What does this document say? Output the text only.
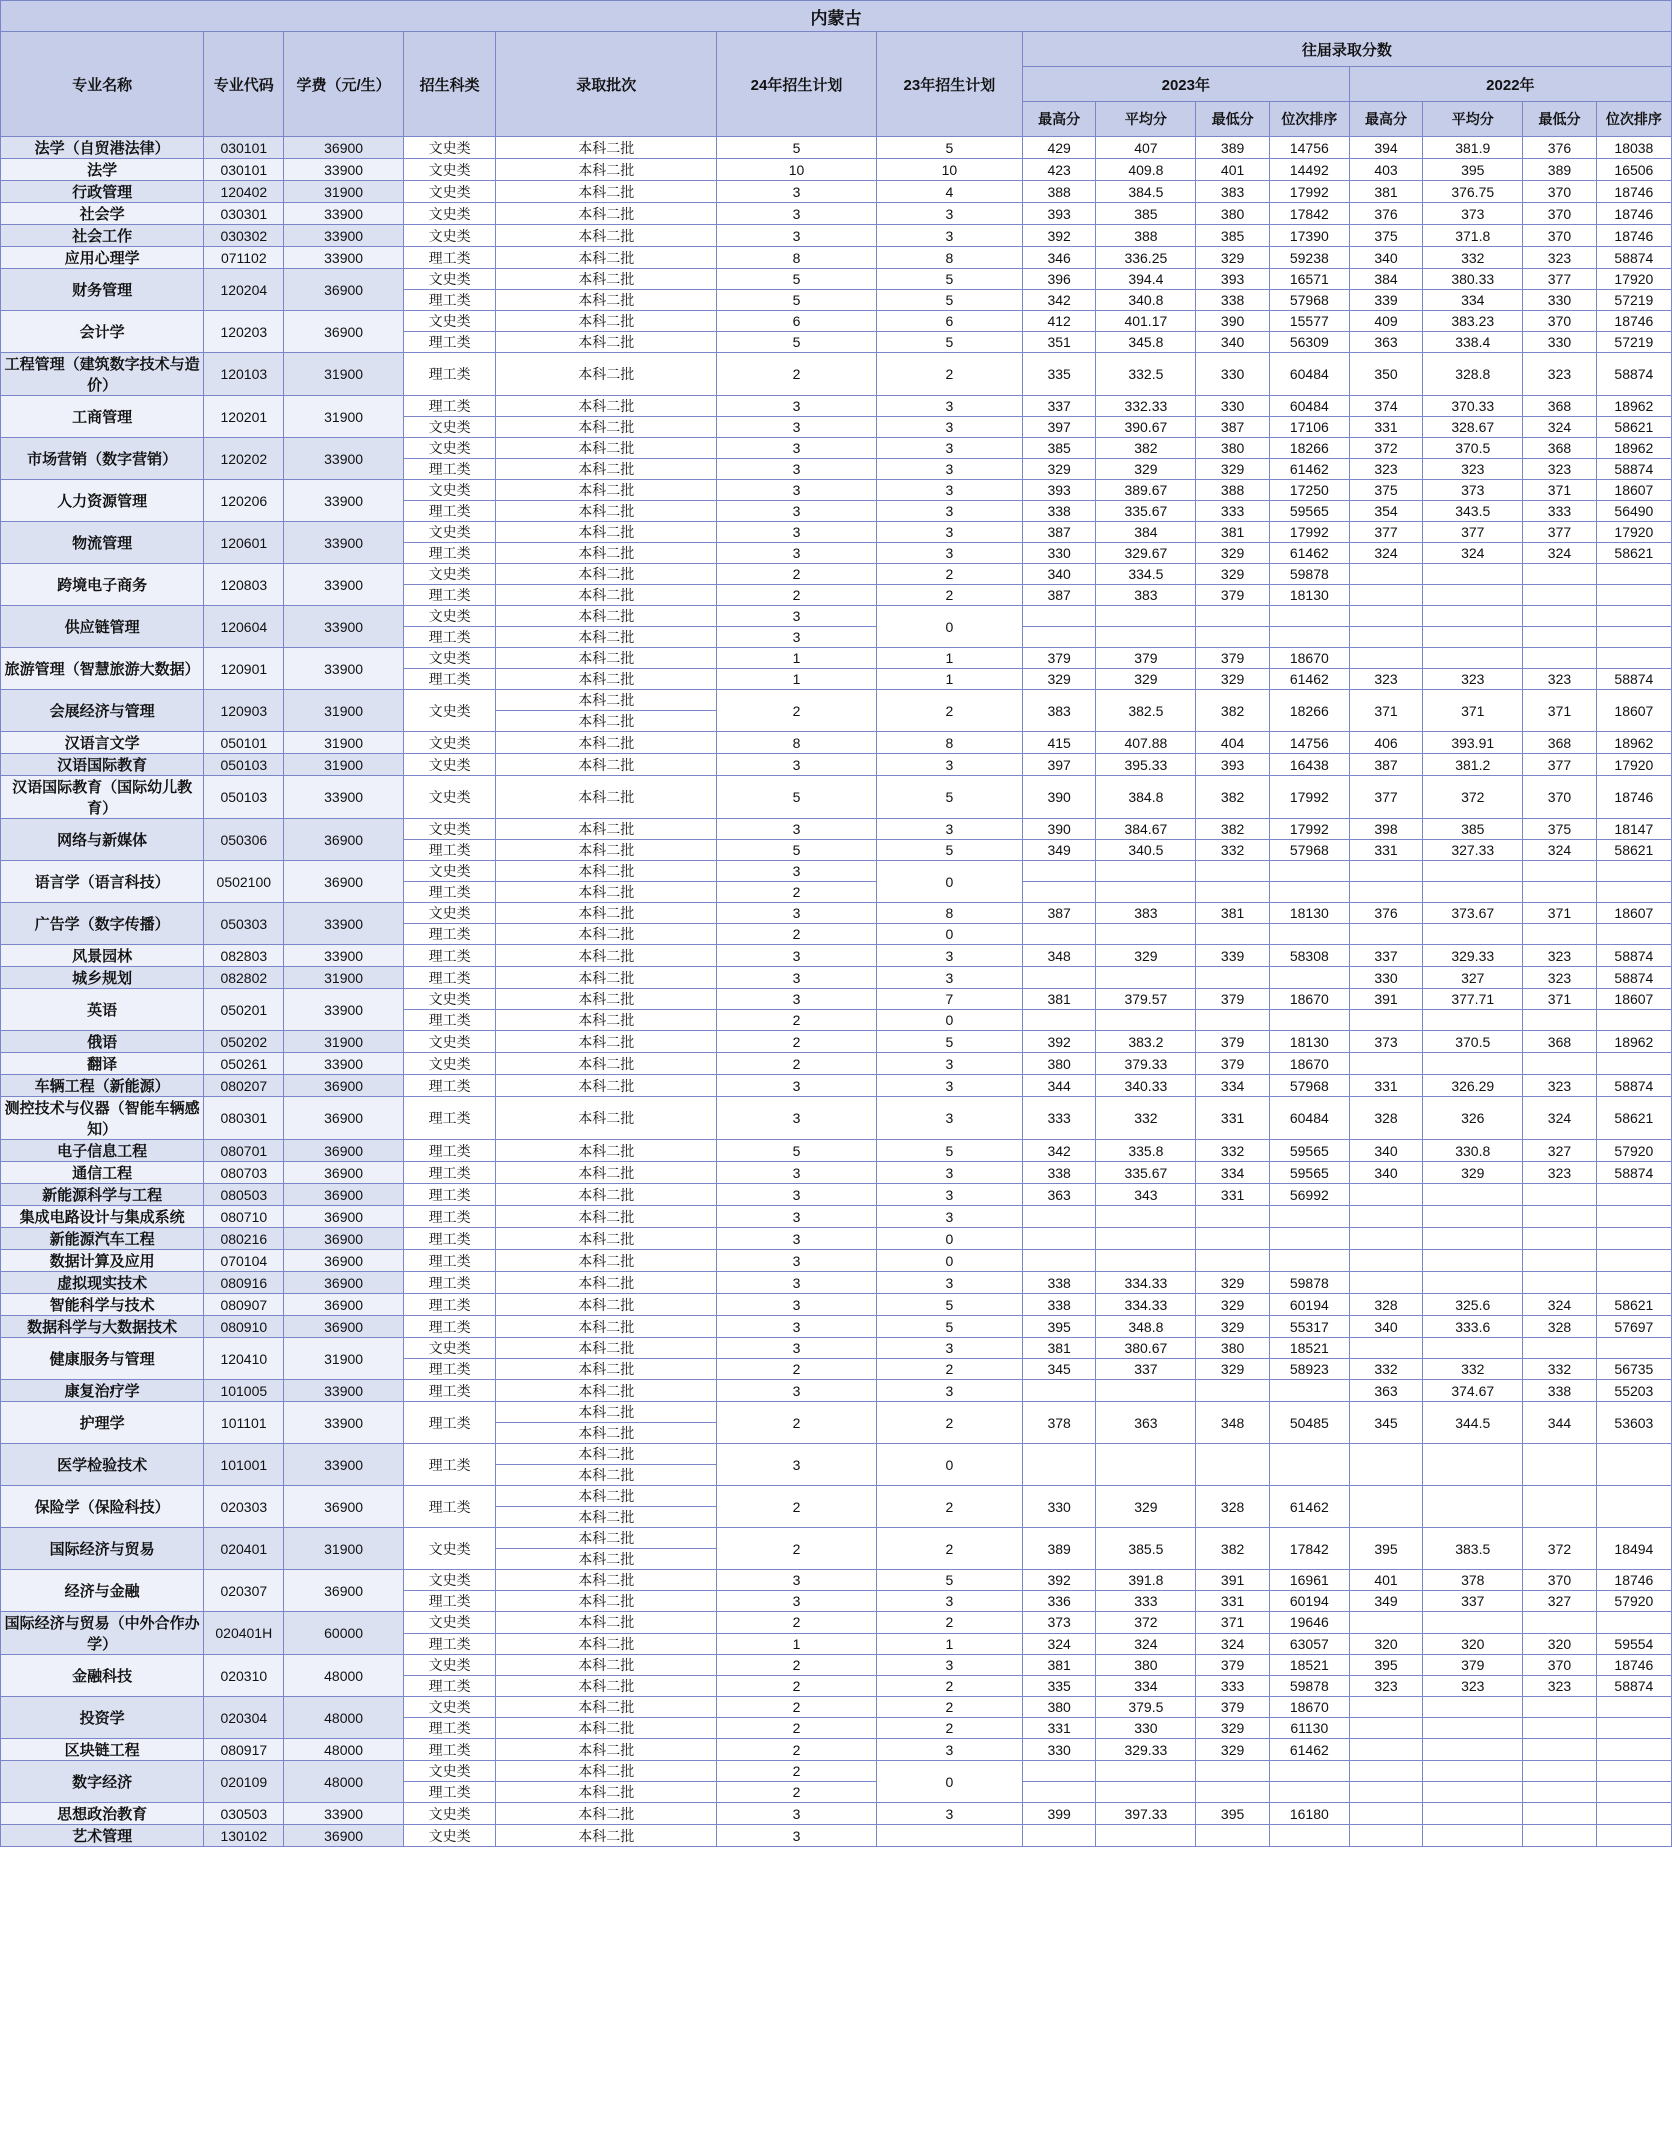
内蒙古														
专业名称	专业代码	学费（元/生）	招生科类	录取批次	24年招生计划	23年招生计划	往届录取分数							
							2023年				2022年			
							最高分	平均分	最低分	位次排序	最高分	平均分	最低分	位次排序
法学（自贸港法律）	030101	36900	文史类	本科二批	5	5	429	407	389	14756	394	381.9	376	18038
法学	030101	33900	文史类	本科二批	10	10	423	409.8	401	14492	403	395	389	16506
行政管理	120402	31900	文史类	本科二批	3	4	388	384.5	383	17992	381	376.75	370	18746
社会学	030301	33900	文史类	本科二批	3	3	393	385	380	17842	376	373	370	18746
社会工作	030302	33900	文史类	本科二批	3	3	392	388	385	17390	375	371.8	370	18746
应用心理学	071102	33900	理工类	本科二批	8	8	346	336.25	329	59238	340	332	323	58874
财务管理	120204	36900	文史类	本科二批	5	5	396	394.4	393	16571	384	380.33	377	17920
			理工类	本科二批	5	5	342	340.8	338	57968	339	334	330	57219
会计学	120203	36900	文史类	本科二批	6	6	412	401.17	390	15577	409	383.23	370	18746
			理工类	本科二批	5	5	351	345.8	340	56309	363	338.4	330	57219
工程管理（建筑数字技术与造价）	120103	31900	理工类	本科二批	2	2	335	332.5	330	60484	350	328.8	323	58874
工商管理	120201	31900	理工类	本科二批	3	3	337	332.33	330	60484	374	370.33	368	18962
			文史类	本科二批	3	3	397	390.67	387	17106	331	328.67	324	58621
市场营销（数字营销）	120202	33900	文史类	本科二批	3	3	385	382	380	18266	372	370.5	368	18962
			理工类	本科二批	3	3	329	329	329	61462	323	323	323	58874
人力资源管理	120206	33900	文史类	本科二批	3	3	393	389.67	388	17250	375	373	371	18607
			理工类	本科二批	3	3	338	335.67	333	59565	354	343.5	333	56490
物流管理	120601	33900	文史类	本科二批	3	3	387	384	381	17992	377	377	377	17920
			理工类	本科二批	3	3	330	329.67	329	61462	324	324	324	58621
跨境电子商务	120803	33900	文史类	本科二批	2	2	340	334.5	329	59878				
			理工类	本科二批	2	2	387	383	379	18130				
供应链管理	120604	33900	文史类	本科二批	3	0								
			理工类	本科二批	3									
旅游管理（智慧旅游大数据）	120901	33900	文史类	本科二批	1	1	379	379	379	18670				
			理工类	本科二批	1	1	329	329	329	61462	323	323	323	58874
会展经济与管理	120903	31900	文史类	本科二批	2	2	383	382.5	382	18266	371	371	371	18607
				本科二批										
汉语言文学	050101	31900	文史类	本科二批	8	8	415	407.88	404	14756	406	393.91	368	18962
汉语国际教育	050103	31900	文史类	本科二批	3	3	397	395.33	393	16438	387	381.2	377	17920
汉语国际教育（国际幼儿教育）	050103	33900	文史类	本科二批	5	5	390	384.8	382	17992	377	372	370	18746
网络与新媒体	050306	36900	文史类	本科二批	3	3	390	384.67	382	17992	398	385	375	18147
			理工类	本科二批	5	5	349	340.5	332	57968	331	327.33	324	58621
语言学（语言科技）	0502100	36900	文史类	本科二批	3	0								
			理工类	本科二批	2									
广告学（数字传播）	050303	33900	文史类	本科二批	3	8	387	383	381	18130	376	373.67	371	18607
			理工类	本科二批	2	0								
风景园林	082803	33900	理工类	本科二批	3	3	348	329	339	58308	337	329.33	323	58874
城乡规划	082802	31900	理工类	本科二批	3	3					330	327	323	58874
英语	050201	33900	文史类	本科二批	3	7	381	379.57	379	18670	391	377.71	371	18607
			理工类	本科二批	2	0								
俄语	050202	31900	文史类	本科二批	2	5	392	383.2	379	18130	373	370.5	368	18962
翻译	050261	33900	文史类	本科二批	2	3	380	379.33	379	18670				
车辆工程（新能源）	080207	36900	理工类	本科二批	3	3	344	340.33	334	57968	331	326.29	323	58874
测控技术与仪器（智能车辆感知）	080301	36900	理工类	本科二批	3	3	333	332	331	60484	328	326	324	58621
电子信息工程	080701	36900	理工类	本科二批	5	5	342	335.8	332	59565	340	330.8	327	57920
通信工程	080703	36900	理工类	本科二批	3	3	338	335.67	334	59565	340	329	323	58874
新能源科学与工程	080503	36900	理工类	本科二批	3	3	363	343	331	56992				
集成电路设计与集成系统	080710	36900	理工类	本科二批	3	3								
新能源汽车工程	080216	36900	理工类	本科二批	3	0								
数据计算及应用	070104	36900	理工类	本科二批	3	0								
虚拟现实技术	080916	36900	理工类	本科二批	3	3	338	334.33	329	59878				
智能科学与技术	080907	36900	理工类	本科二批	3	5	338	334.33	329	60194	328	325.6	324	58621
数据科学与大数据技术	080910	36900	理工类	本科二批	3	5	395	348.8	329	55317	340	333.6	328	57697
健康服务与管理	120410	31900	文史类	本科二批	3	3	381	380.67	380	18521				
			理工类	本科二批	2	2	345	337	329	58923	332	332	332	56735
康复治疗学	101005	33900	理工类	本科二批	3	3					363	374.67	338	55203
护理学	101101	33900	理工类	本科二批	2	2	378	363	348	50485	345	344.5	344	53603
				本科二批										
医学检验技术	101001	33900	理工类	本科二批	3	0								
				本科二批										
保险学（保险科技）	020303	36900	理工类	本科二批	2	2	330	329	328	61462				
				本科二批										
国际经济与贸易	020401	31900	文史类	本科二批	2	2	389	385.5	382	17842	395	383.5	372	18494
				本科二批										
经济与金融	020307	36900	文史类	本科二批	3	5	392	391.8	391	16961	401	378	370	18746
			理工类	本科二批	3	3	336	333	331	60194	349	337	327	57920
国际经济与贸易（中外合作办学）	020401H	60000	文史类	本科二批	2	2	373	372	371	19646				
			理工类	本科二批	1	1	324	324	324	63057	320	320	320	59554
金融科技	020310	48000	文史类	本科二批	2	3	381	380	379	18521	395	379	370	18746
			理工类	本科二批	2	2	335	334	333	59878	323	323	323	58874
投资学	020304	48000	文史类	本科二批	2	2	380	379.5	379	18670				
			理工类	本科二批	2	2	331	330	329	61130				
区块链工程	080917	48000	理工类	本科二批	2	3	330	329.33	329	61462				
数字经济	020109	48000	文史类	本科二批	2	0								
			理工类	本科二批	2									
思想政治教育	030503	33900	文史类	本科二批	3	3	399	397.33	395	16180				
艺术管理	130102	36900	文史类	本科二批	3									
